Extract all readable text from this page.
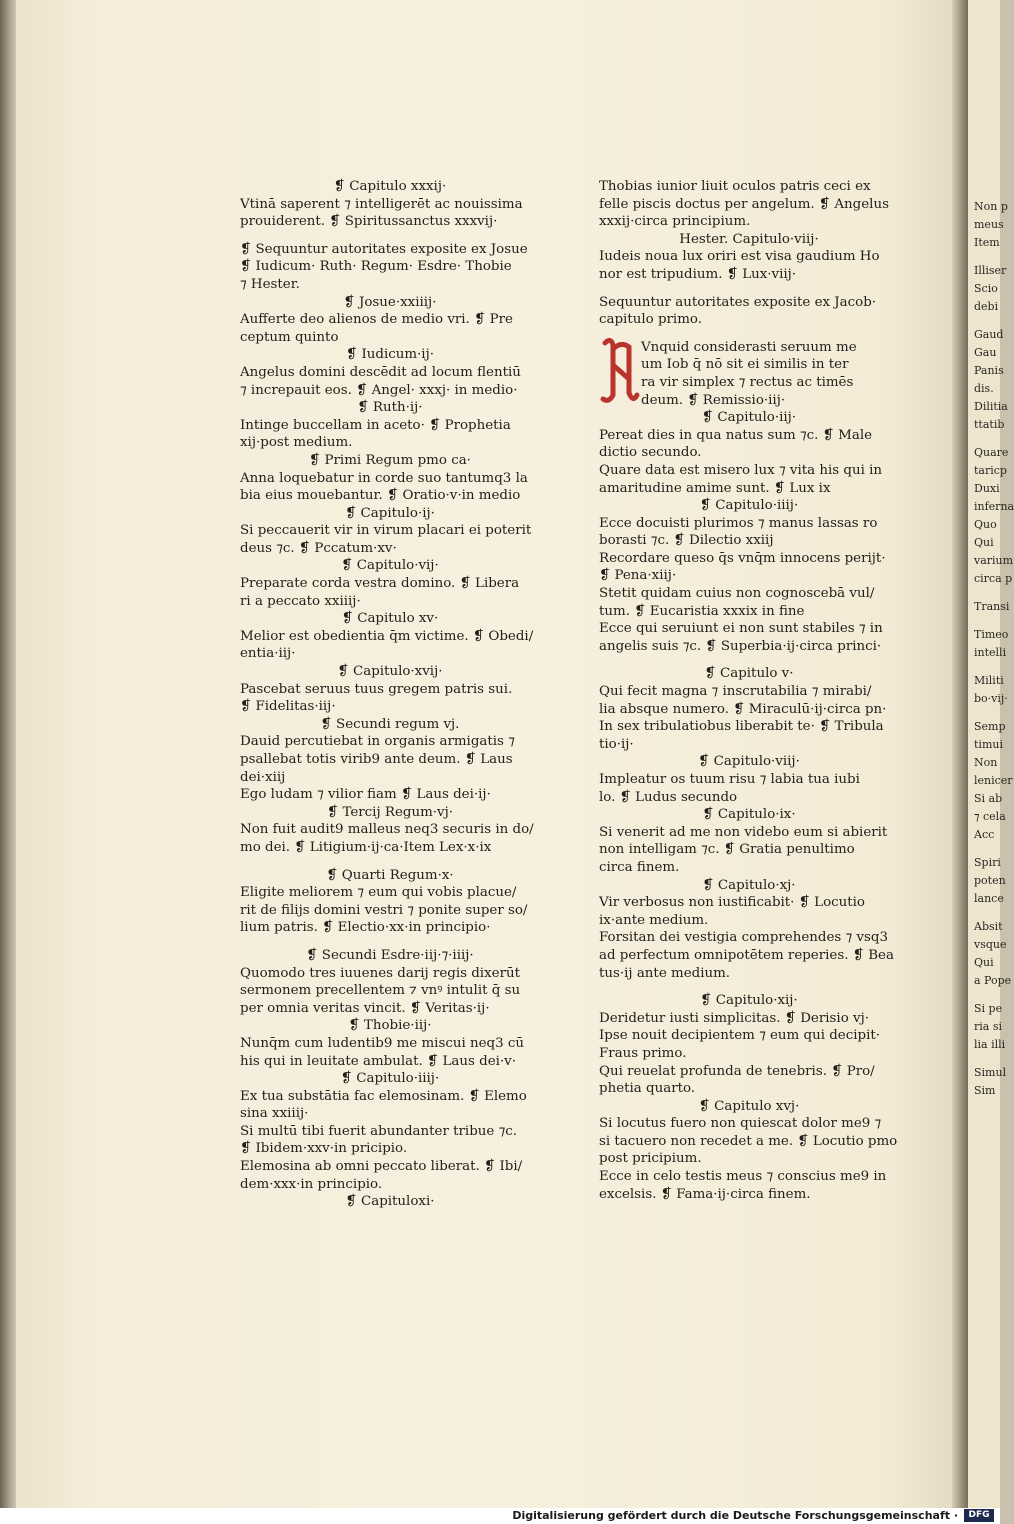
❡ Capitulo xxxij·
Vtinā saperent ⁊ intelligerēt ac nouissima
prouiderent. ❡ Spiritussanctus xxxvij·
❡ Sequuntur autoritates exposite ex Josue
❡ Iudicum· Ruth· Regum· Esdre· Thobie
⁊ Hester.
❡ Josue·xxiiij·
Aufferte deo alienos de medio vri. ❡ Pre
ceptum quinto
❡ Iudicum·ij·
Angelus domini descēdit ad locum flentiū
⁊ increpauit eos. ❡ Angel· xxxj· in medio·
❡ Ruth·ij·
Intinge buccellam in aceto· ❡ Prophetia
xij·post medium.
❡ Primi Regum pmo ca·
Anna loquebatur in corde suo tantumq3 la
bia eius mouebantur. ❡ Oratio·v·in medio
❡ Capitulo·ij·
Si peccauerit vir in virum placari ei poterit
deus ⁊c. ❡ Pccatum·xv·
❡ Capitulo·vij·
Preparate corda vestra domino. ❡ Libera
ri a peccato xxiiij·
❡ Capitulo xv·
Melior est obedientia q̄m victime. ❡ Obedi/
entia·iij·
❡ Capitulo·xvij·
Pascebat seruus tuus gregem patris sui.
❡ Fidelitas·iij·
❡ Secundi regum vj.
Dauid percutiebat in organis armigatis ⁊
psallebat totis virib9 ante deum. ❡ Laus
dei·xiij
Ego ludam ⁊ vilior fiam ❡ Laus dei·ij·
❡ Tercij Regum·vj·
Non fuit audit9 malleus neq3 securis in do/
mo dei. ❡ Litigium·ij·ca·Item Lex·x·ix
❡ Quarti Regum·x·
Eligite meliorem ⁊ eum qui vobis placue/
rit de filijs domini vestri ⁊ ponite super so/
lium patris. ❡ Electio·xx·in principio·
❡ Secundi Esdre·iij·⁊·iiij·
Quomodo tres iuuenes darij regis dixerūt
sermonem precellentem ⁊ vnꝰ intulit q̄ su
per omnia veritas vincit. ❡ Veritas·ij·
❡ Thobie·iij·
Nunq̄m cum ludentib9 me miscui neq3 cū
his qui in leuitate ambulat. ❡ Laus dei·v·
❡ Capitulo·iiij·
Ex tua substātia fac elemosinam. ❡ Elemo
sina xxiiij·
Si multū tibi fuerit abundanter tribue ⁊c.
❡ Ibidem·xxv·in pricipio.
Elemosina ab omni peccato liberat. ❡ Ibi/
dem·xxx·in principio.
❡ Capituloxi·
Thobias iunior liuit oculos patris ceci ex
felle piscis doctus per angelum. ❡ Angelus
xxxij·circa principium.
Hester. Capitulo·viij·
Iudeis noua lux oriri est visa gaudium Ho
nor est tripudium. ❡ Lux·viij·
Sequuntur autoritates exposite ex Jacob·
capitulo primo.
Vnquid considerasti seruum me
um Iob q̄ nō sit ei similis in ter
ra vir simplex ⁊ rectus ac timēs
deum. ❡ Remissio·iij·
❡ Capitulo·iij·
Pereat dies in qua natus sum ⁊c. ❡ Male
dictio secundo.
Quare data est misero lux ⁊ vita his qui in
amaritudine amime sunt. ❡ Lux ix
❡ Capitulo·iiij·
Ecce docuisti plurimos ⁊ manus lassas ro
borasti ⁊c. ❡ Dilectio xxiij
Recordare queso q̄s vnq̄m innocens perijt·
❡ Pena·xiij·
Stetit quidam cuius non cognoscebā vul/
tum. ❡ Eucaristia xxxix in fine
Ecce qui seruiunt ei non sunt stabiles ⁊ in
angelis suis ⁊c. ❡ Superbia·ij·circa princi·
❡ Capitulo v·
Qui fecit magna ⁊ inscrutabilia ⁊ mirabi/
lia absque numero. ❡ Miraculū·ij·circa pn·
In sex tribulatiobus liberabit te· ❡ Tribula
tio·ij·
❡ Capitulo·viij·
Impleatur os tuum risu ⁊ labia tua iubi
lo. ❡ Ludus secundo
❡ Capitulo·ix·
Si venerit ad me non videbo eum si abierit
non intelligam ⁊c. ❡ Gratia penultimo
circa finem.
❡ Capitulo·xj·
Vir verbosus non iustificabit· ❡ Locutio
ix·ante medium.
Forsitan dei vestigia comprehendes ⁊ vsq3
ad perfectum omnipotētem reperies. ❡ Bea
tus·ij ante medium.
❡ Capitulo·xij·
Deridetur iusti simplicitas. ❡ Derisio vj·
Ipse nouit decipientem ⁊ eum qui decipit·
Fraus primo.
Qui reuelat profunda de tenebris. ❡ Pro/
phetia quarto.
❡ Capitulo xvj·
Si locutus fuero non quiescat dolor me9 ⁊
si tacuero non recedet a me. ❡ Locutio pmo
post pricipium.
Ecce in celo testis meus ⁊ conscius me9 in
excelsis. ❡ Fama·ij·circa finem.
N
Non p
meus
Item
Illiser
Scio
debi
Gaud
Gau
Panis
dis.
Dilitia
ttatib
Quare
taricp
Duxi
inferna
Quo
Qui
varium
circa p
Transi
Timeo
intelli
Militi
bo·vij·
Semp
timui
Non
lenicer
Si ab
⁊ cela
Acc
Spiri
poten
lance
Absit
vsque
Qui
a Pope
Si pe
ria si
lia illi
Simul
Sim
Digitalisierung gefördert durch die Deutsche Forschungsgemeinschaft ·	DFG
